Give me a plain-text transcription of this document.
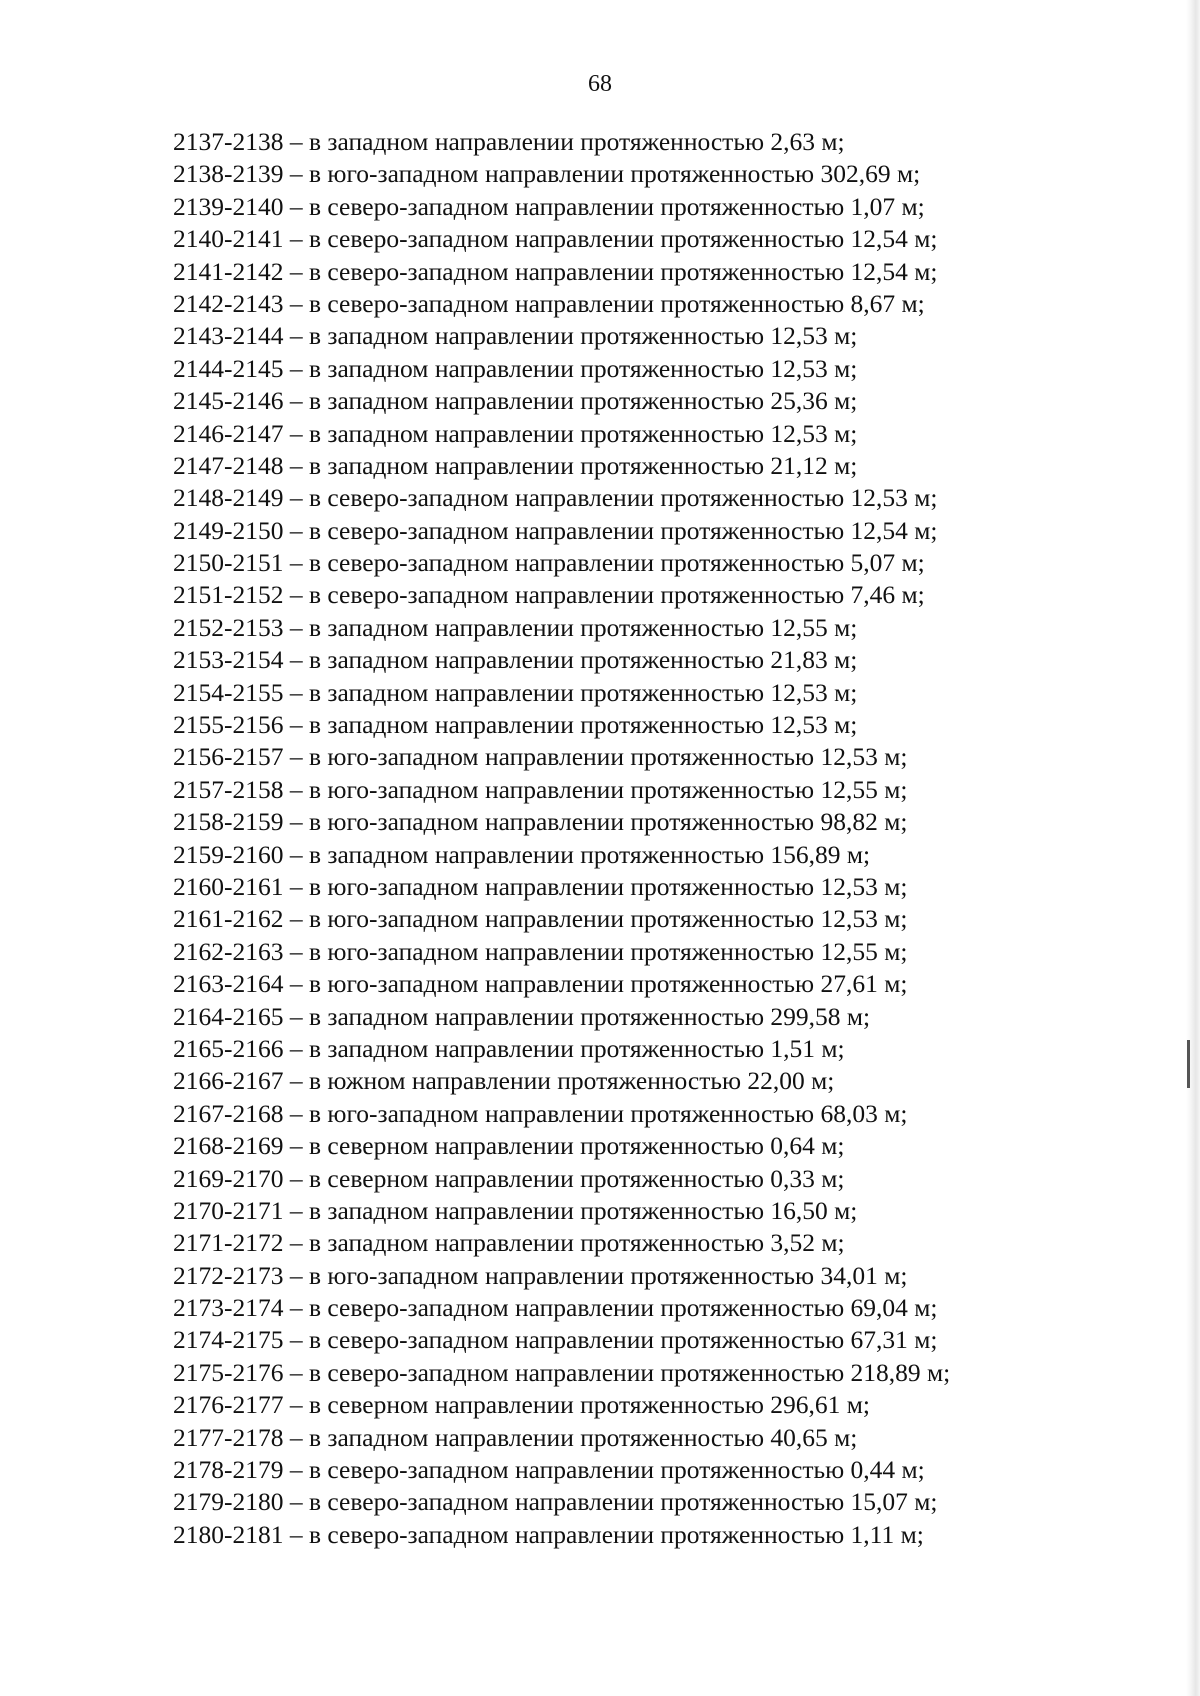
68
2137-2138 – в западном направлении протяженностью 2,63 м;
2138-2139 – в юго-западном направлении протяженностью 302,69 м;
2139-2140 – в северо-западном направлении протяженностью 1,07 м;
2140-2141 – в северо-западном направлении протяженностью 12,54 м;
2141-2142 – в северо-западном направлении протяженностью 12,54 м;
2142-2143 – в северо-западном направлении протяженностью 8,67 м;
2143-2144 – в западном направлении протяженностью 12,53 м;
2144-2145 – в западном направлении протяженностью 12,53 м;
2145-2146 – в западном направлении протяженностью 25,36 м;
2146-2147 – в западном направлении протяженностью 12,53 м;
2147-2148 – в западном направлении протяженностью 21,12 м;
2148-2149 – в северо-западном направлении протяженностью 12,53 м;
2149-2150 – в северо-западном направлении протяженностью 12,54 м;
2150-2151 – в северо-западном направлении протяженностью 5,07 м;
2151-2152 – в северо-западном направлении протяженностью 7,46 м;
2152-2153 – в западном направлении протяженностью 12,55 м;
2153-2154 – в западном направлении протяженностью 21,83 м;
2154-2155 – в западном направлении протяженностью 12,53 м;
2155-2156 – в западном направлении протяженностью 12,53 м;
2156-2157 – в юго-западном направлении протяженностью 12,53 м;
2157-2158 – в юго-западном направлении протяженностью 12,55 м;
2158-2159 – в юго-западном направлении протяженностью 98,82 м;
2159-2160 – в западном направлении протяженностью 156,89 м;
2160-2161 – в юго-западном направлении протяженностью 12,53 м;
2161-2162 – в юго-западном направлении протяженностью 12,53 м;
2162-2163 – в юго-западном направлении протяженностью 12,55 м;
2163-2164 – в юго-западном направлении протяженностью 27,61 м;
2164-2165 – в западном направлении протяженностью 299,58 м;
2165-2166 – в западном направлении протяженностью 1,51 м;
2166-2167 – в южном направлении протяженностью 22,00 м;
2167-2168 – в юго-западном направлении протяженностью 68,03 м;
2168-2169 – в северном направлении протяженностью 0,64 м;
2169-2170 – в северном направлении протяженностью 0,33 м;
2170-2171 – в западном направлении протяженностью 16,50 м;
2171-2172 – в западном направлении протяженностью 3,52 м;
2172-2173 – в юго-западном направлении протяженностью 34,01 м;
2173-2174 – в северо-западном направлении протяженностью 69,04 м;
2174-2175 – в северо-западном направлении протяженностью 67,31 м;
2175-2176 – в северо-западном направлении протяженностью 218,89 м;
2176-2177 – в северном направлении протяженностью 296,61 м;
2177-2178 – в западном направлении протяженностью 40,65 м;
2178-2179 – в северо-западном направлении протяженностью 0,44 м;
2179-2180 – в северо-западном направлении протяженностью 15,07 м;
2180-2181 – в северо-западном направлении протяженностью 1,11 м;
